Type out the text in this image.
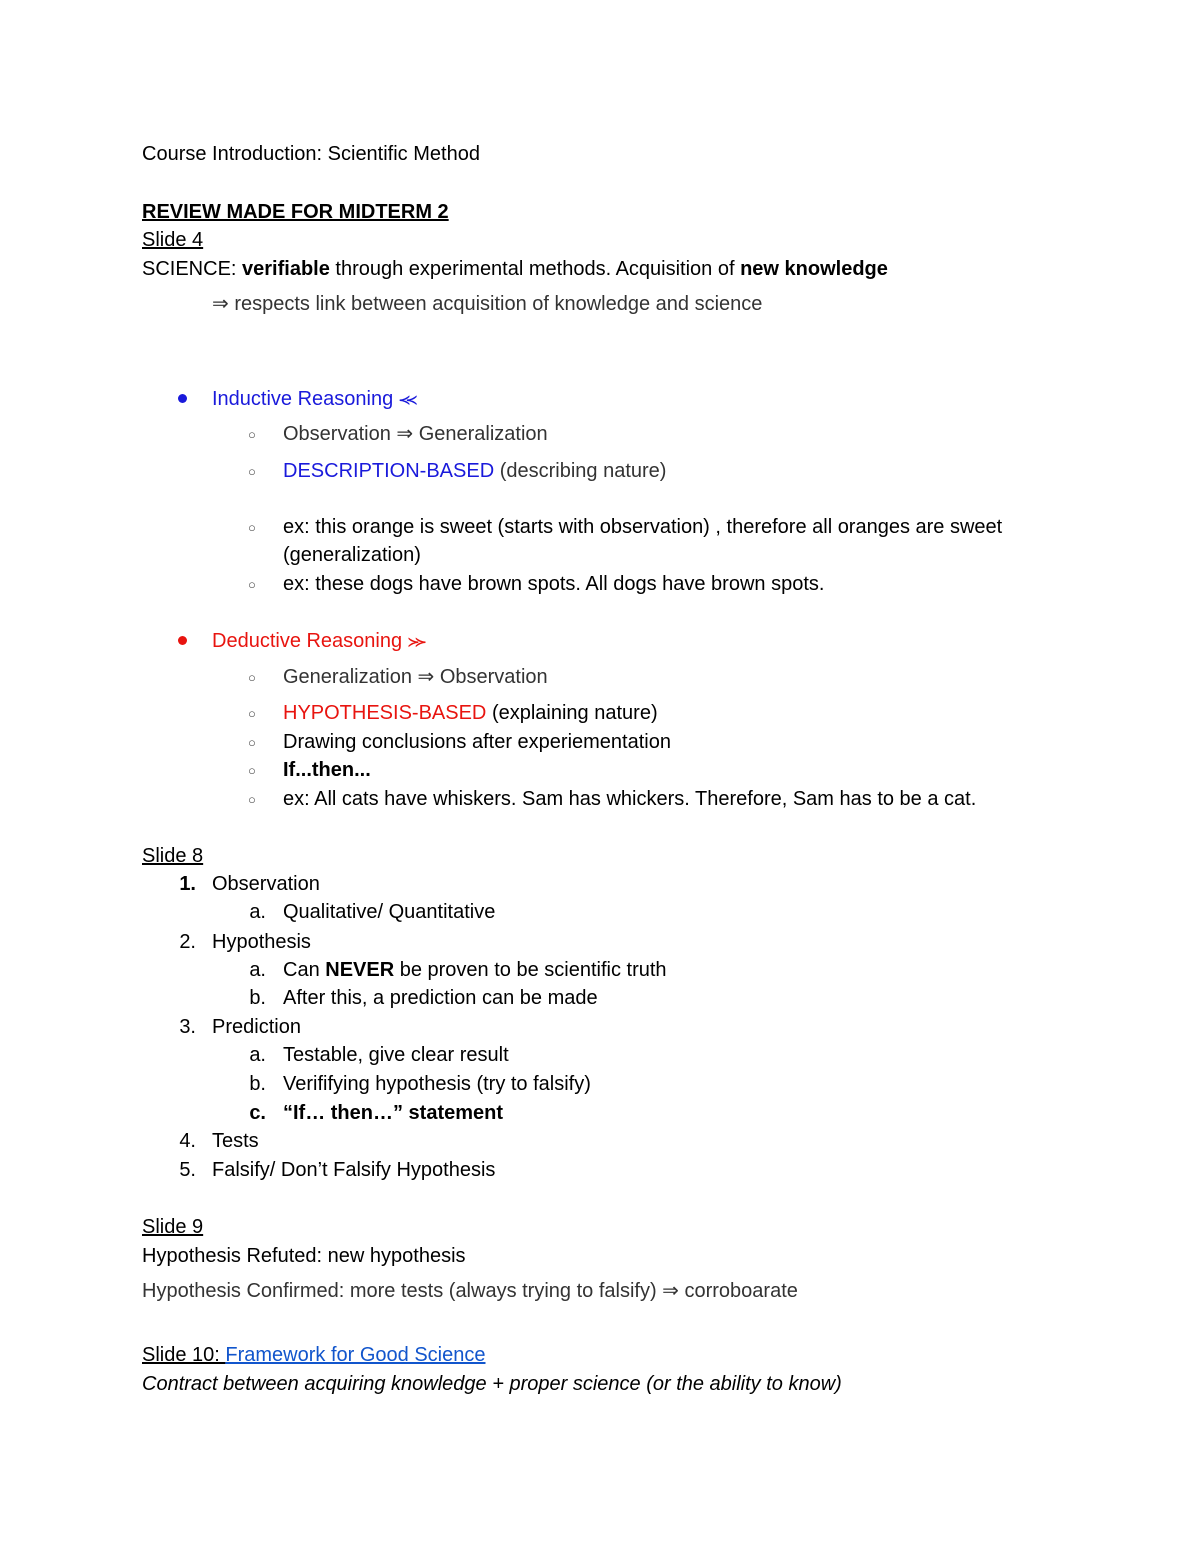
Course Introduction: Scientific Method
REVIEW MADE FOR MIDTERM 2
Slide 4
SCIENCE: verifiable through experimental methods. Acquisition of new knowledge
⇒ respects link between acquisition of knowledge and science
Inductive Reasoning ⪻
○ Observation ⇒ Generalization
○ DESCRIPTION-BASED (describing nature)
○ ex: this orange is sweet (starts with observation) , therefore all oranges are sweet
(generalization)
○ ex: these dogs have brown spots. All dogs have brown spots.
Deductive Reasoning ⪼
○ Generalization ⇒ Observation
○ HYPOTHESIS-BASED (explaining nature)
○ Drawing conclusions after experiementation
○ If...then...
○ ex: All cats have whiskers. Sam has whickers. Therefore, Sam has to be a cat.
Slide 8
1. Observation
a. Qualitative/ Quantitative
2. Hypothesis
a. Can NEVER be proven to be scientific truth
b. After this, a prediction can be made
3. Prediction
a. Testable, give clear result
b. Verififying hypothesis (try to falsify)
c. “If… then…” statement
4. Tests
5. Falsify/ Don’t Falsify Hypothesis
Slide 9
Hypothesis Refuted: new hypothesis
Hypothesis Confirmed: more tests (always trying to falsify) ⇒ corroboarate
Slide 10: Framework for Good Science
Contract between acquiring knowledge + proper science (or the ability to know)
